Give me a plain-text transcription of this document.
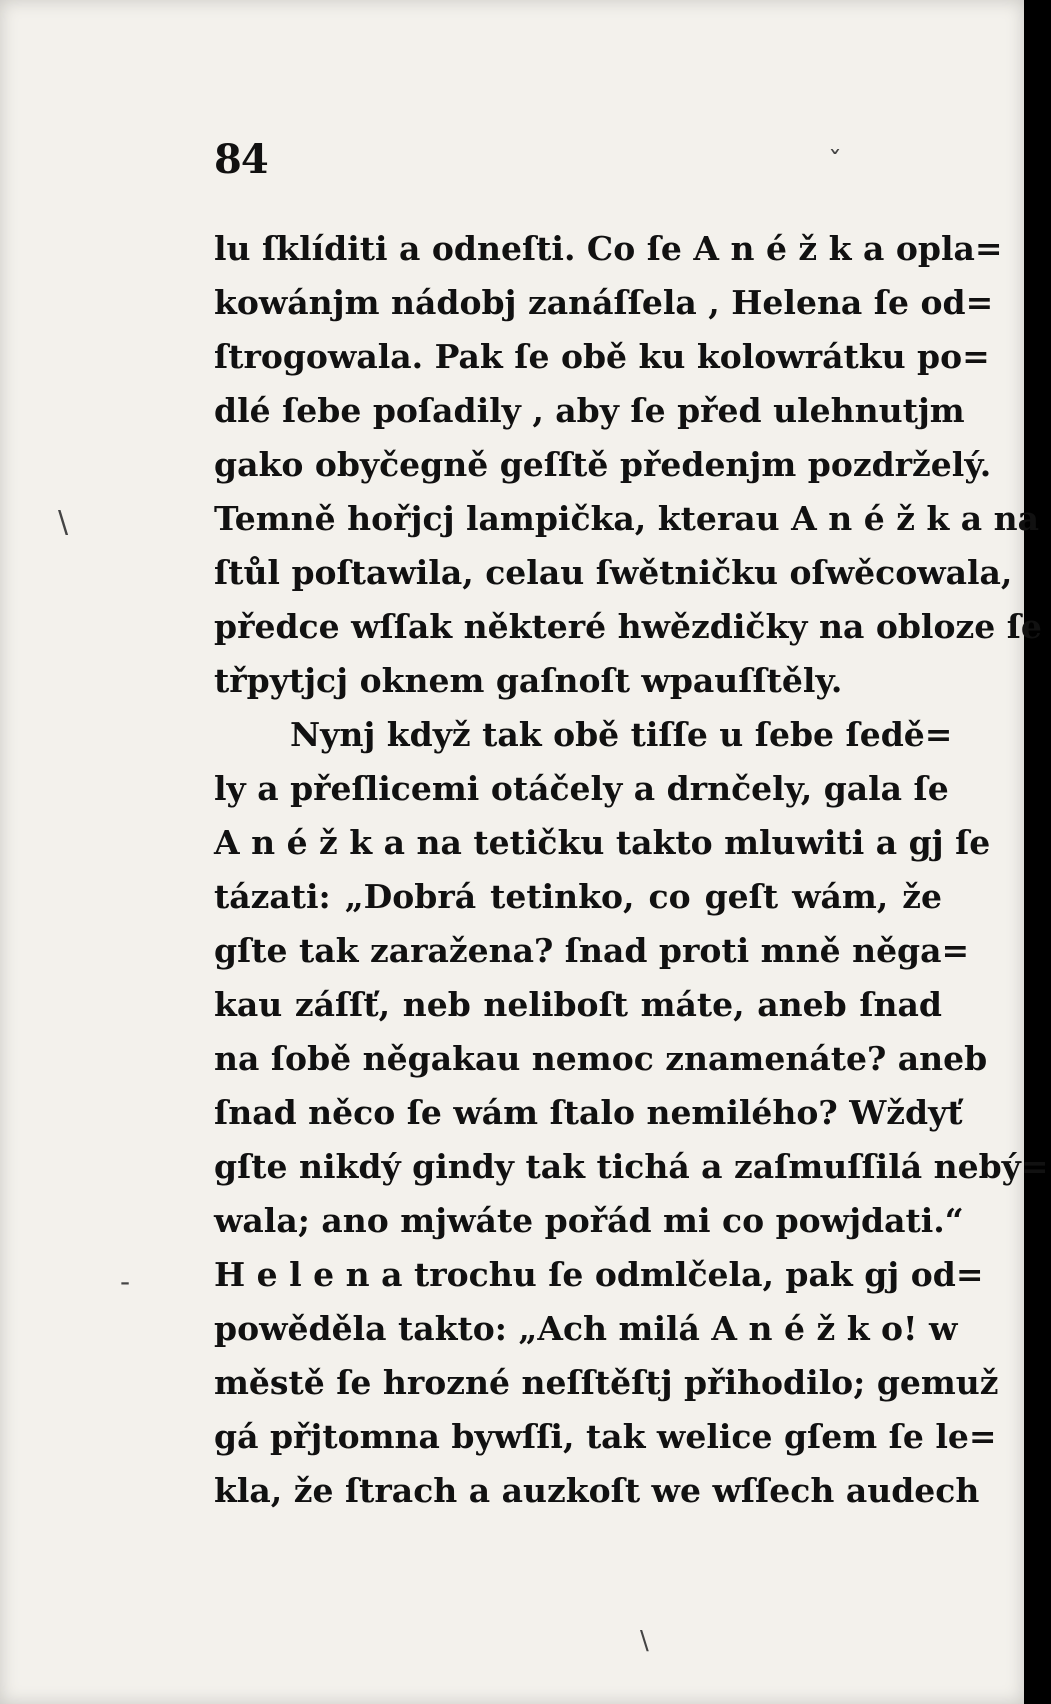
84
lu ſklíditi a odneſti. Co ſe A n é ž k a opla=
kowánjm nádobj zanáſſela , Helena ſe od=
ſtrogowala. Pak ſe obě ku kolowrátku po=
dlé ſebe poſadily , aby ſe před ulehnutjm
gako obyčegně geſſtě předenjm pozdrželý.
Temně hořjcj lampička, kterau A n é ž k a na
ſtůl poſtawila, celau ſwětničku oſwěcowala,
předce wſſak některé hwězdičky na obloze ſe
třpytjcj oknem gaſnoſt wpauſſtěly.
Nynj když tak obě tiſſe u ſebe ſedě=
ly a přeſlicemi otáčely a drnčely, gala ſe
A n é ž k a na tetičku takto mluwiti a gj ſe
tázati: „Dobrá tetinko, co geſt wám, že
gſte tak zaražena? ſnad proti mně něga=
kau záſſť, neb neliboſt máte, aneb ſnad
na ſobě něgakau nemoc znamenáte? aneb
ſnad něco ſe wám ſtalo nemilého? Wždyť
gſte nikdý gindy tak tichá a zaſmuſſilá nebý=
wala; ano mjwáte pořád mi co powjdati.“
H e l e n a trochu ſe odmlčela, pak gj od=
powěděla takto: „Ach milá A n é ž k o! w
městě ſe hrozné neſſtěſtj přihodilo; gemuž
gá přjtomna bywſſi, tak welice gſem ſe le=
kla, že ſtrach a auzkoſt we wſſech audech
ˇ
\
-
\
